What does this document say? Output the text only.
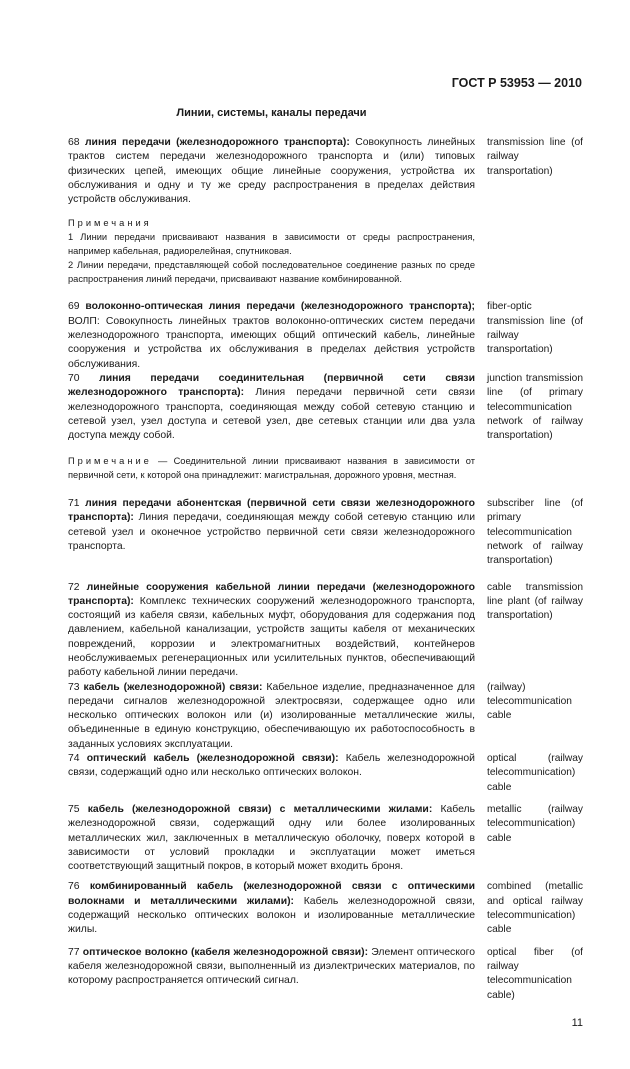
ГОСТ Р 53953 — 2010
Линии, системы, каналы передачи
68 линия передачи (железнодорожного транспорта): Совокупность линейных трактов систем передачи железнодорожного транспорта и (или) типовых физических цепей, имеющих общие линейные сооружения, устройства их обслуживания и одну и ту же среду распространения в пределах действия устройств обслуживания.
transmission line (of railway transportation)
Примечания
1 Линии передачи присваивают названия в зависимости от среды распространения, например кабельная, радиорелейная, спутниковая.
2 Линии передачи, представляющей собой последовательное соединение разных по среде распространения линий передачи, присваивают название комбинированной.
69 волоконно-оптическая линия передачи (железнодорожного транспорта); ВОЛП: Совокупность линейных трактов волоконно-оптических систем передачи железнодорожного транспорта, имеющих общий оптический кабель, линейные сооружения и устройства их обслуживания в пределах действия устройств обслуживания.
fiber-optic transmission line (of railway transportation)
70 линия передачи соединительная (первичной сети связи железнодорожного транспорта): Линия передачи первичной сети связи железнодорожного транспорта, соединяющая между собой сетевую станцию и сетевой узел, узел доступа и сетевой узел, две сетевых станции или два узла доступа между собой.
junction transmission line (of primary telecommunication network of railway transportation)
Примечание — Соединительной линии присваивают названия в зависимости от первичной сети, к которой она принадлежит: магистральная, дорожного уровня, местная.
71 линия передачи абонентская (первичной сети связи железнодорожного транспорта): Линия передачи, соединяющая между собой сетевую станцию или сетевой узел и оконечное устройство первичной сети связи железнодорожного транспорта.
subscriber line (of primary telecommunication network of railway transportation)
72 линейные сооружения кабельной линии передачи (железнодорожного транспорта): Комплекс технических сооружений железнодорожного транспорта, состоящий из кабеля связи, кабельных муфт, оборудования для содержания под давлением, кабельной канализации, устройств защиты кабеля от механических повреждений, коррозии и электромагнитных воздействий, контейнеров необслуживаемых регенерационных или усилительных пунктов, обеспечивающий работу кабельной линии передачи.
cable transmission line plant (of railway transportation)
73 кабель (железнодорожной) связи: Кабельное изделие, предназначенное для передачи сигналов железнодорожной электросвязи, содержащее одно или несколько оптических волокон или (и) изолированные металлические жилы, объединенные в единую конструкцию, обеспечивающую их работоспособность в заданных условиях эксплуатации.
(railway) telecommunication cable
74 оптический кабель (железнодорожной связи): Кабель железнодорожной связи, содержащий одно или несколько оптических волокон.
optical (railway telecommunication) cable
75 кабель (железнодорожной связи) с металлическими жилами: Кабель железнодорожной связи, содержащий одну или более изолированных металлических жил, заключенных в металлическую оболочку, поверх которой в зависимости от условий прокладки и эксплуатации может иметься соответствующий защитный покров, в который может входить броня.
metallic (railway telecommunication) cable
76 комбинированный кабель (железнодорожной связи с оптическими волокнами и металлическими жилами): Кабель железнодорожной связи, содержащий несколько оптических волокон и изолированные металлические жилы.
combined (metallic and optical railway telecommunication) cable
77 оптическое волокно (кабеля железнодорожной связи): Элемент оптического кабеля железнодорожной связи, выполненный из диэлектрических материалов, по которому распространяется оптический сигнал.
optical fiber (of railway telecommunication cable)
11
